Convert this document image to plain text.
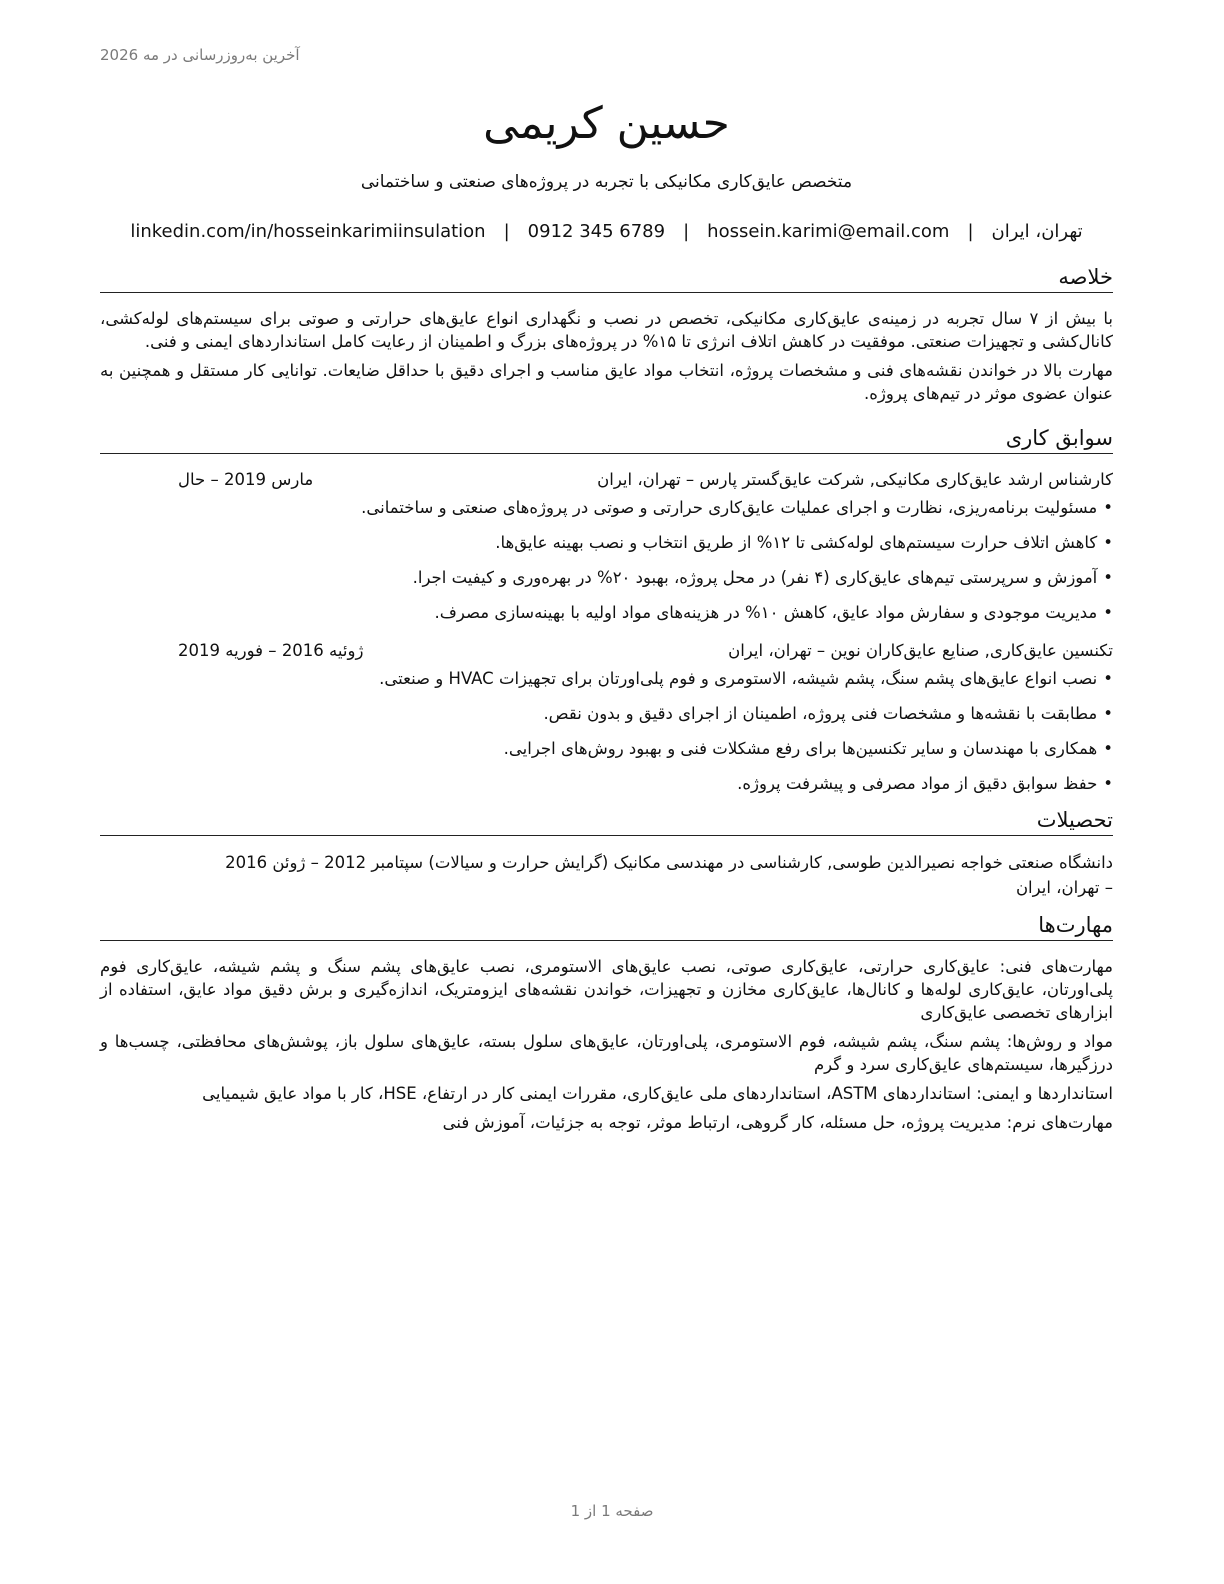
آخرین به‌روزرسانی در مه 2026
حسین کریمی
متخصص عایق‌کاری مکانیکی با تجربه در پروژه‌های صنعتی و ساختمانی
تهران، ایران
|
hossein.karimi@email.com
|
0912 345 6789
|
linkedin.com/in/hosseinkarimiinsulation
خلاصه

با بیش از ۷ سال تجربه در زمینه‌ی عایق‌کاری مکانیکی، تخصص در نصب و نگهداری انواع عایق‌های حرارتی و صوتی برای سیستم‌های لوله‌کشی، کانال‌کشی و تجهیزات صنعتی. موفقیت در کاهش اتلاف انرژی تا ۱۵% در پروژه‌های بزرگ و اطمینان از رعایت کامل استانداردهای ایمنی و فنی.

مهارت بالا در خواندن نقشه‌های فنی و مشخصات پروژه، انتخاب مواد عایق مناسب و اجرای دقیق با حداقل ضایعات. توانایی کار مستقل و همچنین به عنوان عضوی موثر در تیم‌های پروژه.

سوابق کاری
کارشناس ارشد عایق‌کاری مکانیکی, شرکت عایق‌گستر پارس – تهران، ایران
مارس 2019 – حال
• مسئولیت برنامه‌ریزی، نظارت و اجرای عملیات عایق‌کاری حرارتی و صوتی در پروژه‌های صنعتی و ساختمانی.
• کاهش اتلاف حرارت سیستم‌های لوله‌کشی تا ۱۲% از طریق انتخاب و نصب بهینه عایق‌ها.
• آموزش و سرپرستی تیم‌های عایق‌کاری (۴ نفر) در محل پروژه، بهبود ۲۰% در بهره‌وری و کیفیت اجرا.
• مدیریت موجودی و سفارش مواد عایق، کاهش ۱۰% در هزینه‌های مواد اولیه با بهینه‌سازی مصرف.
تکنسین عایق‌کاری, صنایع عایق‌کاران نوین – تهران، ایران
ژوئیه 2016 – فوریه 2019
• نصب انواع عایق‌های پشم سنگ، پشم شیشه، الاستومری و فوم پلی‌اورتان برای تجهیزات HVAC و صنعتی.
• مطابقت با نقشه‌ها و مشخصات فنی پروژه، اطمینان از اجرای دقیق و بدون نقص.
• همکاری با مهندسان و سایر تکنسین‌ها برای رفع مشکلات فنی و بهبود روش‌های اجرایی.
• حفظ سوابق دقیق از مواد مصرفی و پیشرفت پروژه.
تحصیلات
دانشگاه صنعتی خواجه نصیرالدین طوسی, کارشناسی در مهندسی مکانیک (گرایش حرارت و سیالات) سپتامبر 2012 – ژوئن 2016
– تهران، ایران
مهارت‌ها

مهارت‌های فنی: عایق‌کاری حرارتی، عایق‌کاری صوتی، نصب عایق‌های الاستومری، نصب عایق‌های پشم سنگ و پشم شیشه، عایق‌کاری فوم پلی‌اورتان، عایق‌کاری لوله‌ها و کانال‌ها، عایق‌کاری مخازن و تجهیزات، خواندن نقشه‌های ایزومتریک، اندازه‌گیری و برش دقیق مواد عایق، استفاده از ابزارهای تخصصی عایق‌کاری

مواد و روش‌ها: پشم سنگ، پشم شیشه، فوم الاستومری، پلی‌اورتان، عایق‌های سلول بسته، عایق‌های سلول باز، پوشش‌های محافظتی، چسب‌ها و درزگیرها، سیستم‌های عایق‌کاری سرد و گرم

استانداردها و ایمنی: استانداردهای ASTM، استانداردهای ملی عایق‌کاری، مقررات ایمنی کار در ارتفاع، HSE، کار با مواد عایق شیمیایی

مهارت‌های نرم: مدیریت پروژه، حل مسئله، کار گروهی، ارتباط موثر، توجه به جزئیات، آموزش فنی

صفحه 1 از 1
